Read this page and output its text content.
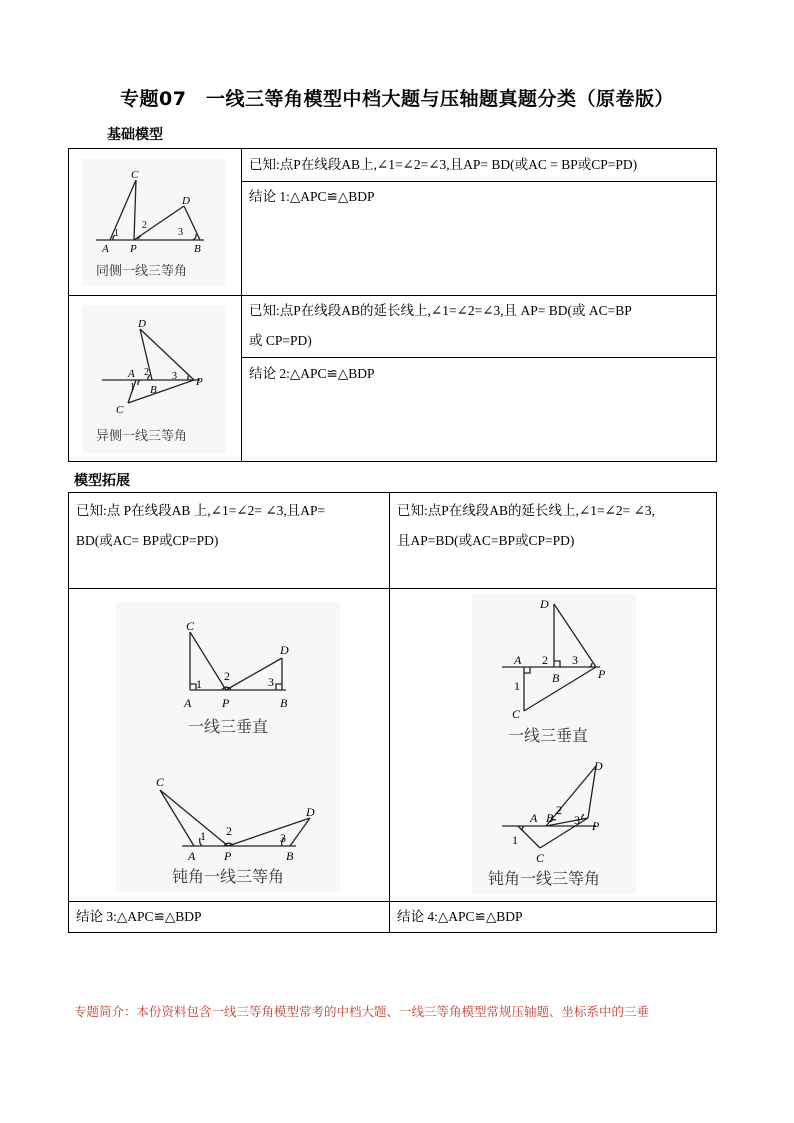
专题07　一线三等角模型中档大题与压轴题真题分类（原卷版）
基础模型
已知:点P在线段AB上,∠1=∠2=∠3,且AP= BD(或AC = BP或CP=PD)
结论 1:△APC≌△BDP
A P	B
C
D
1
2
3
同侧一线三等角
已知:点P在线段AB的延长线上,∠1=∠2=∠3,且 AP= BD(或 AC=BP
或 CP=PD)
结论 2:△APC≌△BDP
D
A
B
P
C
1
2 3
异侧一线三等角
模型拓展
已知:点 P在线段AB 上,∠1=∠2= ∠3,且AP=
BD(或AC= BP或CP=PD)
已知:点P在线段AB的延长线上,∠1=∠2= ∠3,
且AP=BD(或AC=BP或CP=PD)
C
D
A	P	B
1
2	3
一线三垂直
C
D
A P	B
1 2	3
钝角一线三等角
D
A
B	P
C
1
2 3
一线三垂直
D
A B
P
C
1
2
3
钝角一线三等角
结论 3:△APC≌△BDP	结论 4:△APC≌△BDP
专题简介：本份资料包含一线三等角模型常考的中档大题、一线三等角模型常规压轴题、坐标系中的三垂
